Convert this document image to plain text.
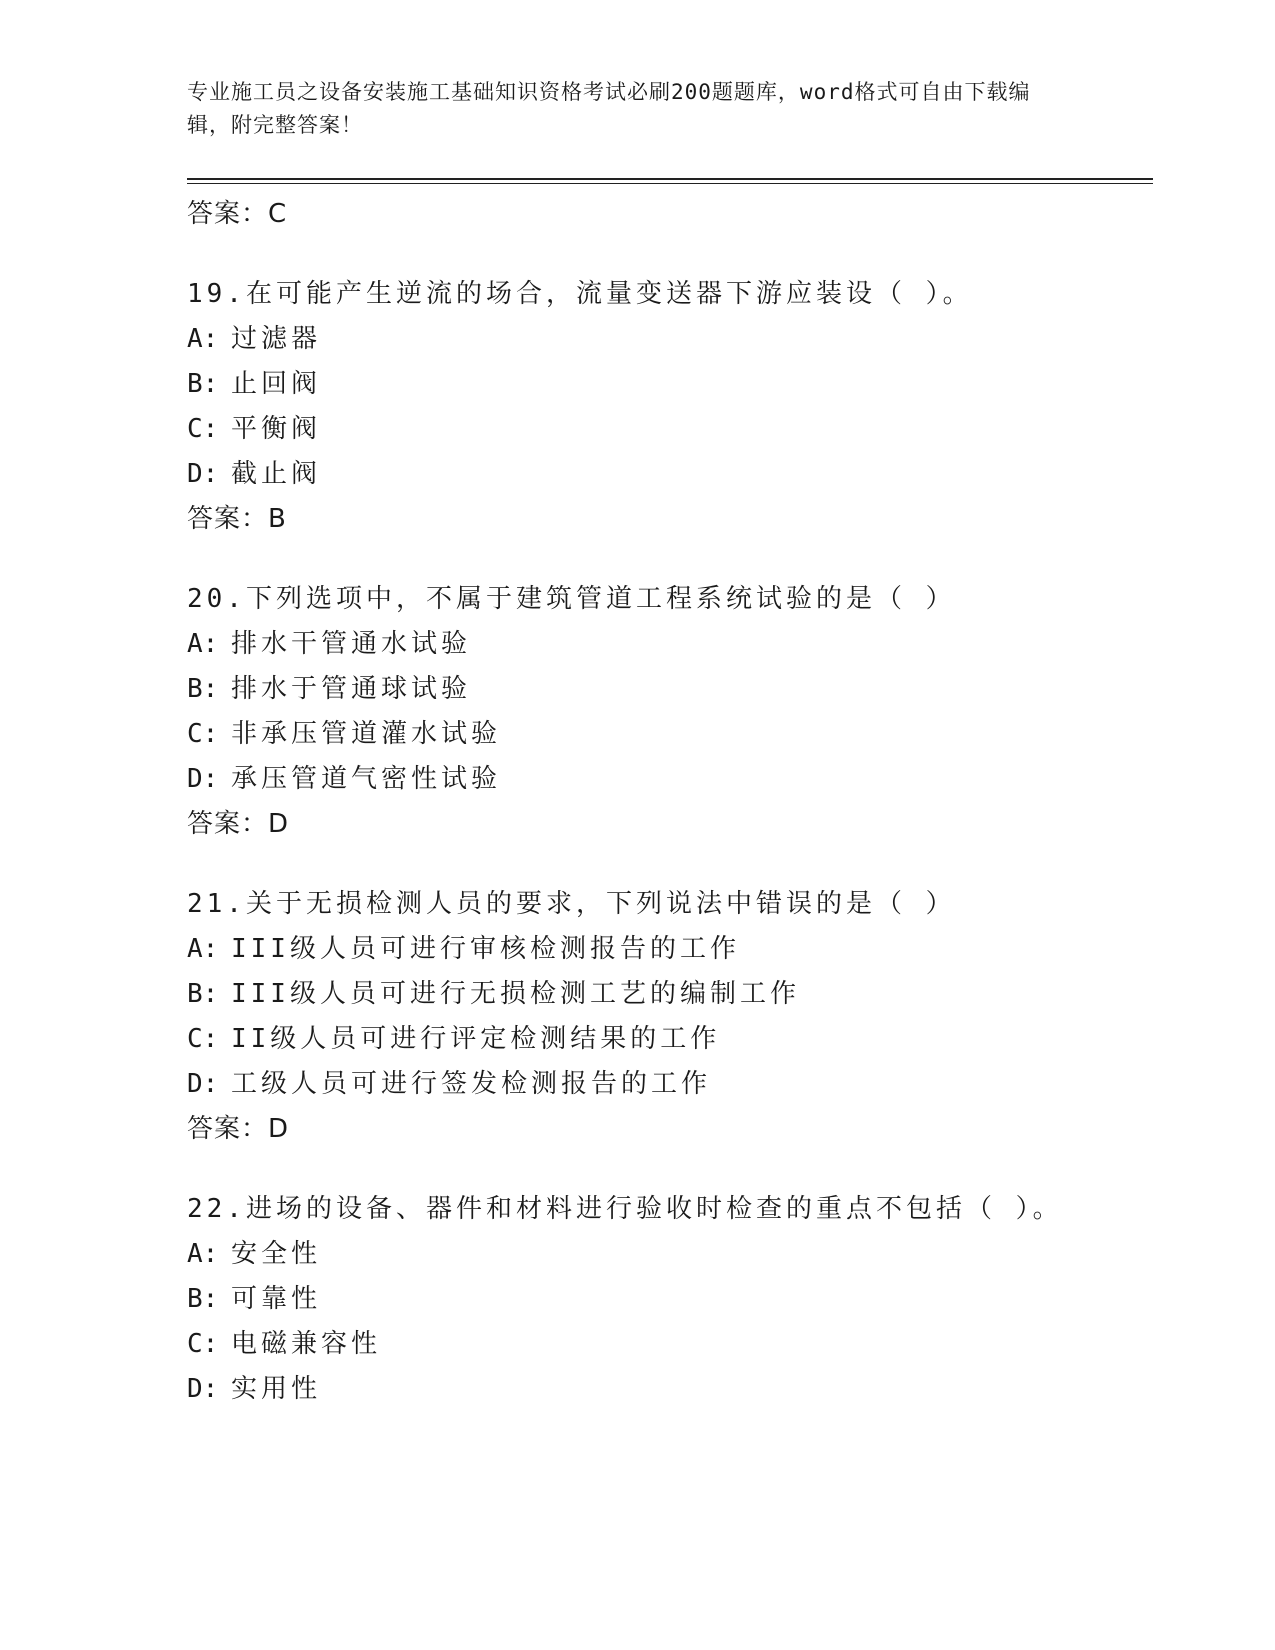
专业施工员之设备安装施工基础知识资格考试必刷200题题库，word格式可自由下载编辑，附完整答案！
答案：C
19.在可能产生逆流的场合，流量变送器下游应装设（ ）。
A: 过滤器
B: 止回阀
C: 平衡阀
D: 截止阀
答案：B
20.下列选项中，不属于建筑管道工程系统试验的是（ ）
A: 排水干管通水试验
B: 排水于管通球试验
C: 非承压管道灌水试验
D: 承压管道气密性试验
答案：D
21.关于无损检测人员的要求，下列说法中错误的是（ ）
A: III级人员可进行审核检测报告的工作
B: III级人员可进行无损检测工艺的编制工作
C: II级人员可进行评定检测结果的工作
D: 工级人员可进行签发检测报告的工作
答案：D
22.进场的设备、器件和材料进行验收时检查的重点不包括（ ）。
A: 安全性
B: 可靠性
C: 电磁兼容性
D: 实用性
